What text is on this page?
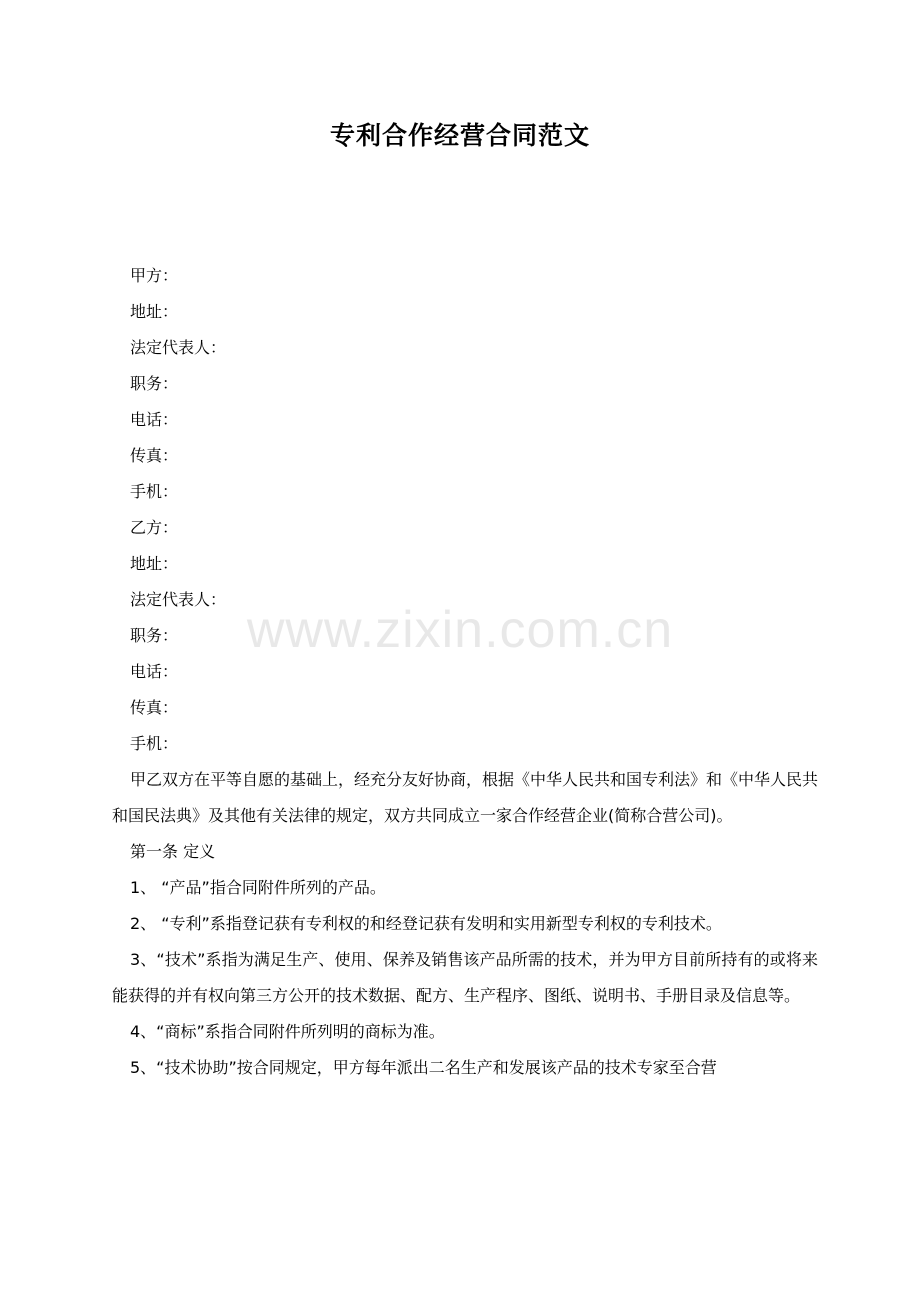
专利合作经营合同范文
甲方：
地址：
法定代表人：
职务：
电话：
传真：
手机：
乙方：
地址：
法定代表人：
职务：
电话：
传真：
手机：

甲乙双方在平等自愿的基础上，经充分友好协商，根据《中华人民共和国专利法》和《中华人民共和国民法典》及其他有关法律的规定，双方共同成立一家合作经营企业(简称合营公司)。

第一条 定义

1、 “产品”指合同附件所列的产品。

2、 “专利”系指登记获有专利权的和经登记获有发明和实用新型专利权的专利技术。

3、“技术”系指为满足生产、使用、保养及销售该产品所需的技术，并为甲方目前所持有的或将来能获得的并有权向第三方公开的技术数据、配方、生产程序、图纸、说明书、手册目录及信息等。

4、“商标”系指合同附件所列明的商标为准。

5、“技术协助”按合同规定，甲方每年派出二名生产和发展该产品的技术专家至合营

www.zixin.com.cn
